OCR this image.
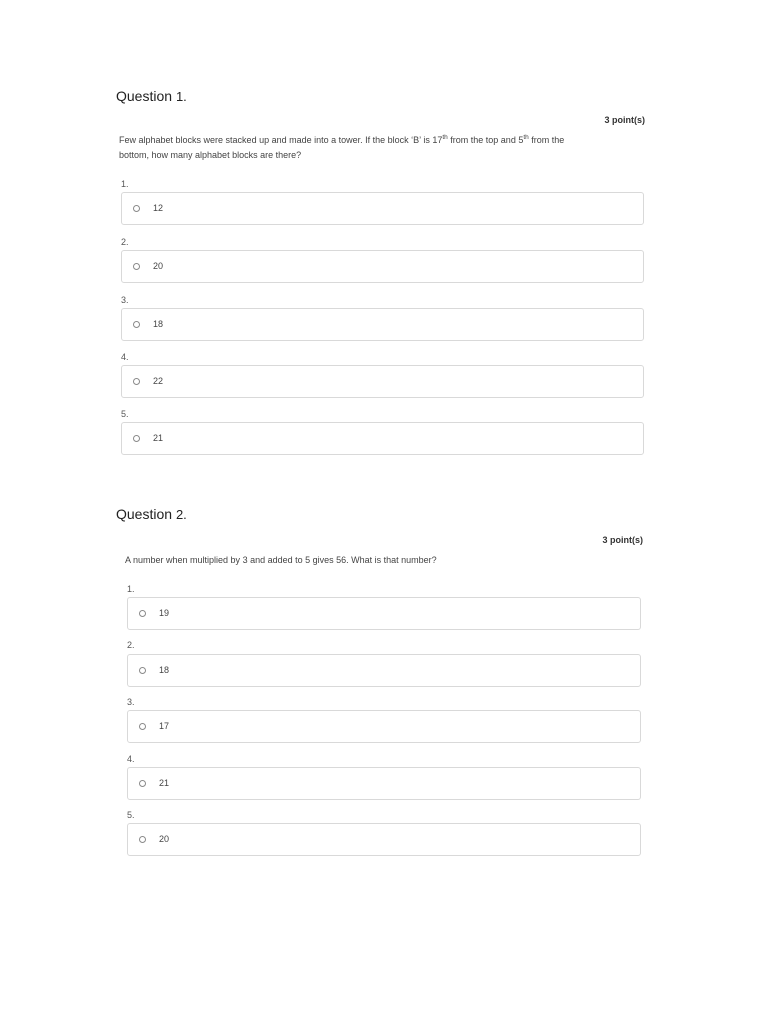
Question 1.
3 point(s)
Few alphabet blocks were stacked up and made into a tower. If the block ‘B’ is 17th from the top and 5th from the
bottom, how many alphabet blocks are there?
1.
12
2.
20
3.
18
4.
22
5.
21
Question 2.
3 point(s)
A number when multiplied by 3 and added to 5 gives 56. What is that number?
1.
19
2.
18
3.
17
4.
21
5.
20
